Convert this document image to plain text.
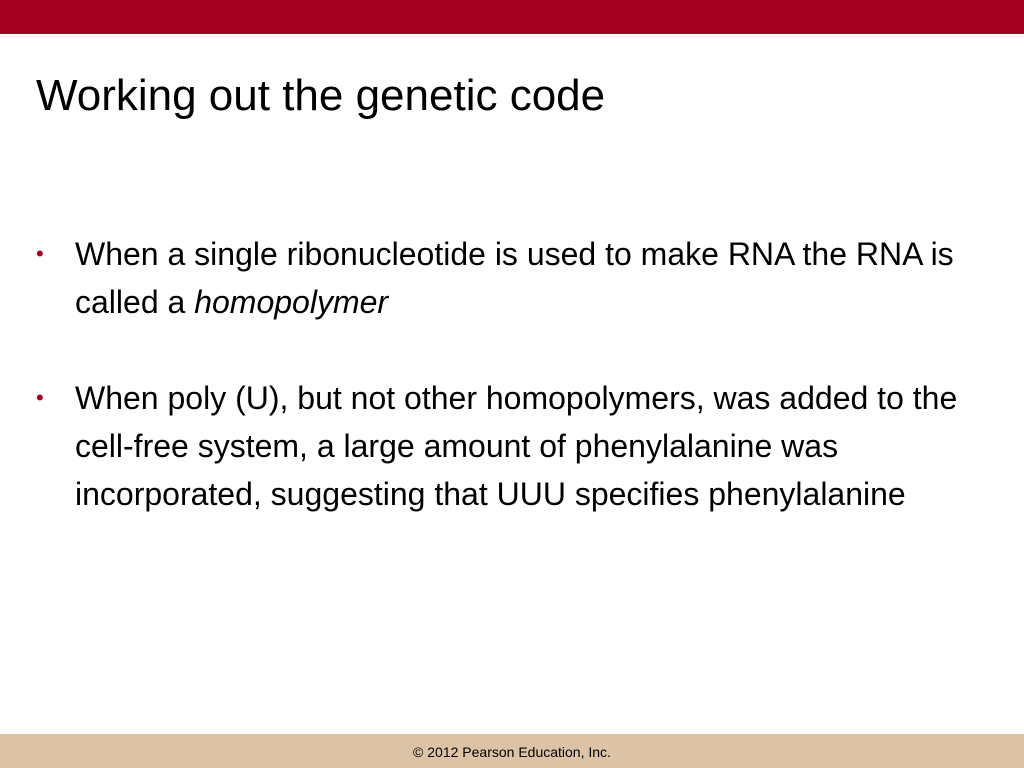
Working out the genetic code
• When a single ribonucleotide is used to make RNA the RNA is called a homopolymer
• When poly (U), but not other homopolymers, was added to the cell-free system, a large amount of phenylalanine was incorporated, suggesting that UUU specifies phenylalanine
© 2012 Pearson Education, Inc.
